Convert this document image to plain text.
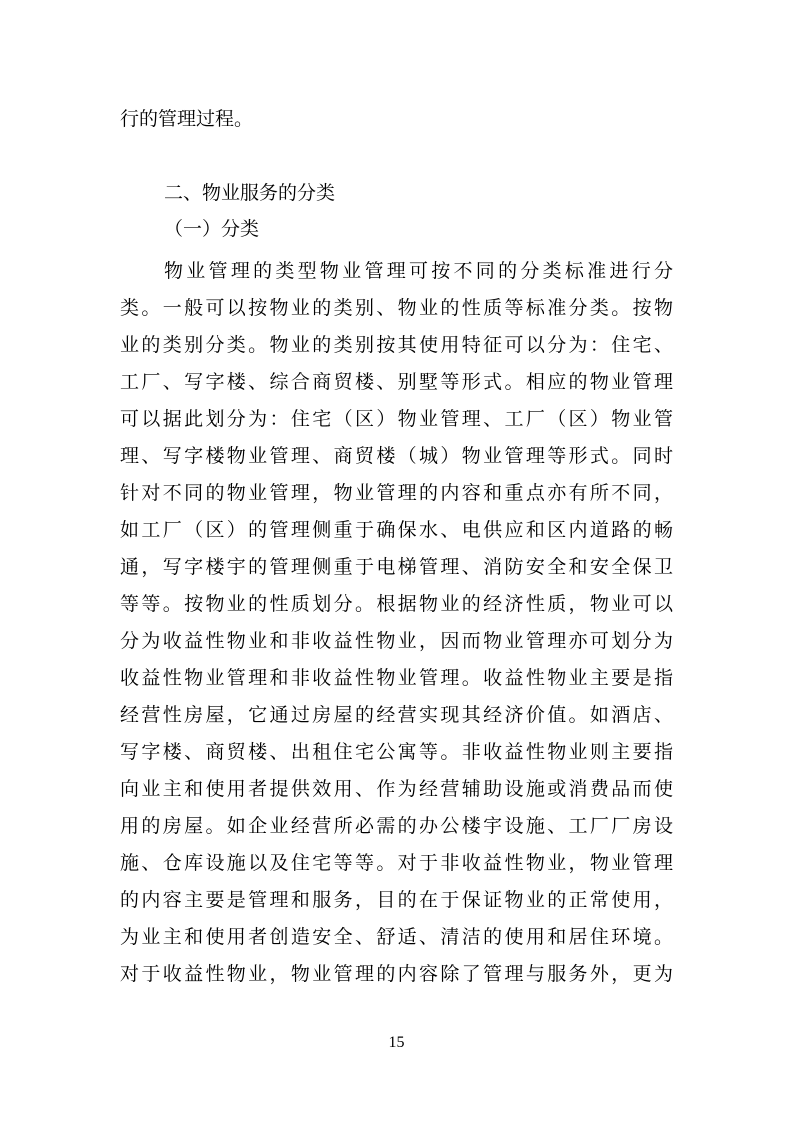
行的管理过程。
二、物业服务的分类
（一）分类
物业管理的类型物业管理可按不同的分类标准进行分
类。一般可以按物业的类别、物业的性质等标准分类。按物
业的类别分类。物业的类别按其使用特征可以分为：住宅、
工厂、写字楼、综合商贸楼、别墅等形式。相应的物业管理
可以据此划分为：住宅（区）物业管理、工厂（区）物业管
理、写字楼物业管理、商贸楼（城）物业管理等形式。同时
针对不同的物业管理，物业管理的内容和重点亦有所不同，
如工厂（区）的管理侧重于确保水、电供应和区内道路的畅
通，写字楼宇的管理侧重于电梯管理、消防安全和安全保卫
等等。按物业的性质划分。根据物业的经济性质，物业可以
分为收益性物业和非收益性物业，因而物业管理亦可划分为
收益性物业管理和非收益性物业管理。收益性物业主要是指
经营性房屋，它通过房屋的经营实现其经济价值。如酒店、
写字楼、商贸楼、出租住宅公寓等。非收益性物业则主要指
向业主和使用者提供效用、作为经营辅助设施或消费品而使
用的房屋。如企业经营所必需的办公楼宇设施、工厂厂房设
施、仓库设施以及住宅等等。对于非收益性物业，物业管理
的内容主要是管理和服务，目的在于保证物业的正常使用，
为业主和使用者创造安全、舒适、清洁的使用和居住环境。
对于收益性物业，物业管理的内容除了管理与服务外，更为
15
